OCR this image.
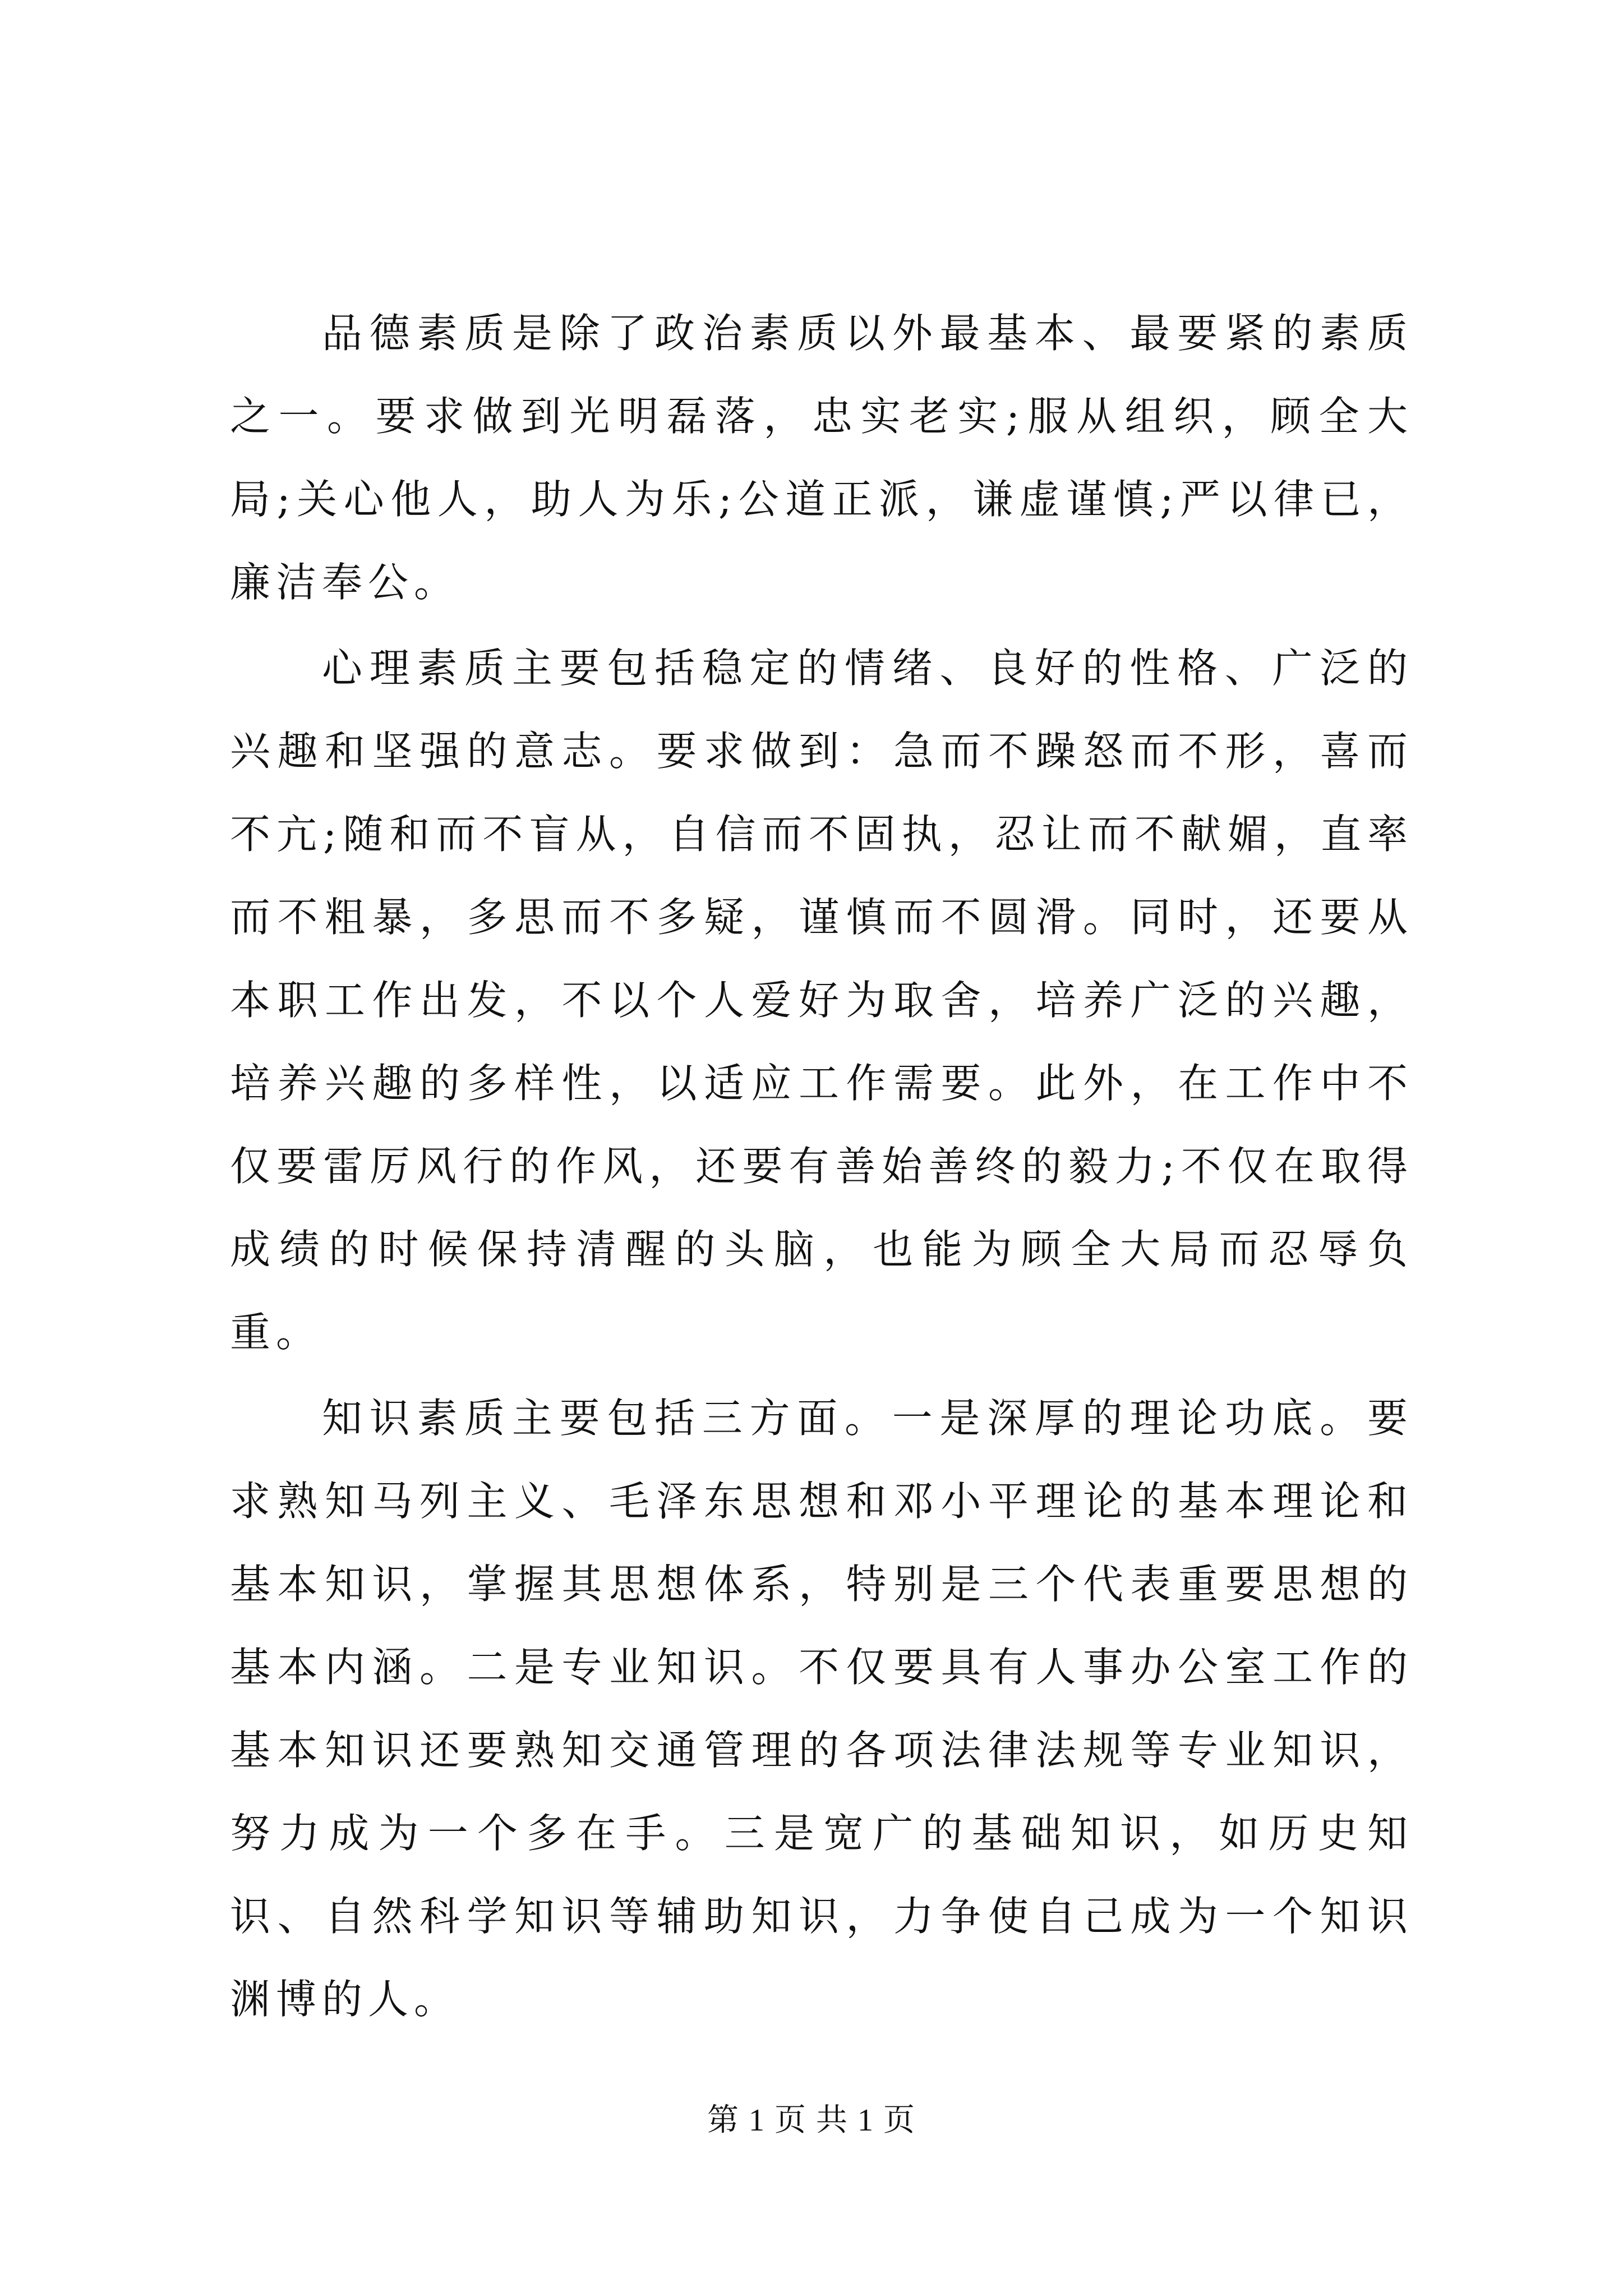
品德素质是除了政治素质以外最基本、最要紧的素质之一。要求做到光明磊落，忠实老实;服从组织，顾全大局;关心他人，助人为乐;公道正派，谦虚谨慎;严以律已，廉洁奉公。

心理素质主要包括稳定的情绪、良好的性格、广泛的兴趣和坚强的意志。要求做到：急而不躁怒而不形，喜而不亢;随和而不盲从，自信而不固执，忍让而不献媚，直率而不粗暴，多思而不多疑，谨慎而不圆滑。同时，还要从本职工作出发，不以个人爱好为取舍，培养广泛的兴趣，培养兴趣的多样性，以适应工作需要。此外，在工作中不仅要雷厉风行的作风，还要有善始善终的毅力;不仅在取得成绩的时候保持清醒的头脑，也能为顾全大局而忍辱负重。

知识素质主要包括三方面。一是深厚的理论功底。要求熟知马列主义、毛泽东思想和邓小平理论的基本理论和基本知识，掌握其思想体系，特别是三个代表重要思想的基本内涵。二是专业知识。不仅要具有人事办公室工作的基本知识还要熟知交通管理的各项法律法规等专业知识，努力成为一个多在手。三是宽广的基础知识，如历史知识、自然科学知识等辅助知识，力争使自己成为一个知识渊博的人。

第 1 页 共 1 页
